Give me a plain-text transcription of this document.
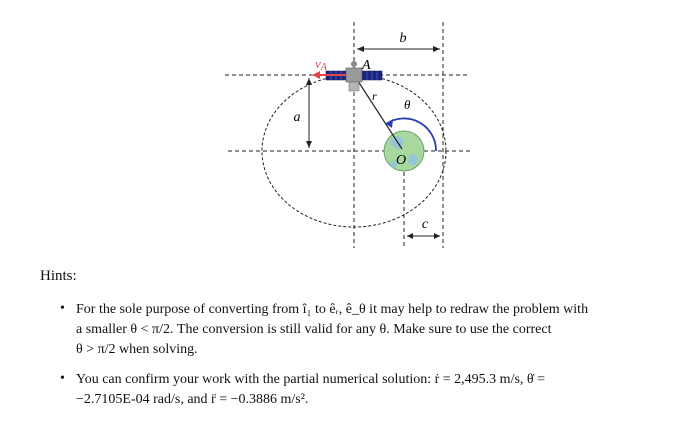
b
a
c
O
r
θ
A
vA
Hints:
• For the sole purpose of converting from î₁ to êᵣ, ê_θ it may help to redraw the problem with
a smaller θ < π/2. The conversion is still valid for any θ. Make sure to use the correct
θ > π/2 when solving.
• You can confirm your work with the partial numerical solution: ṙ = 2,495.3 m/s, θ̇ =
−2.7105E-04 rad/s, and r̈ = −0.3886 m/s².
